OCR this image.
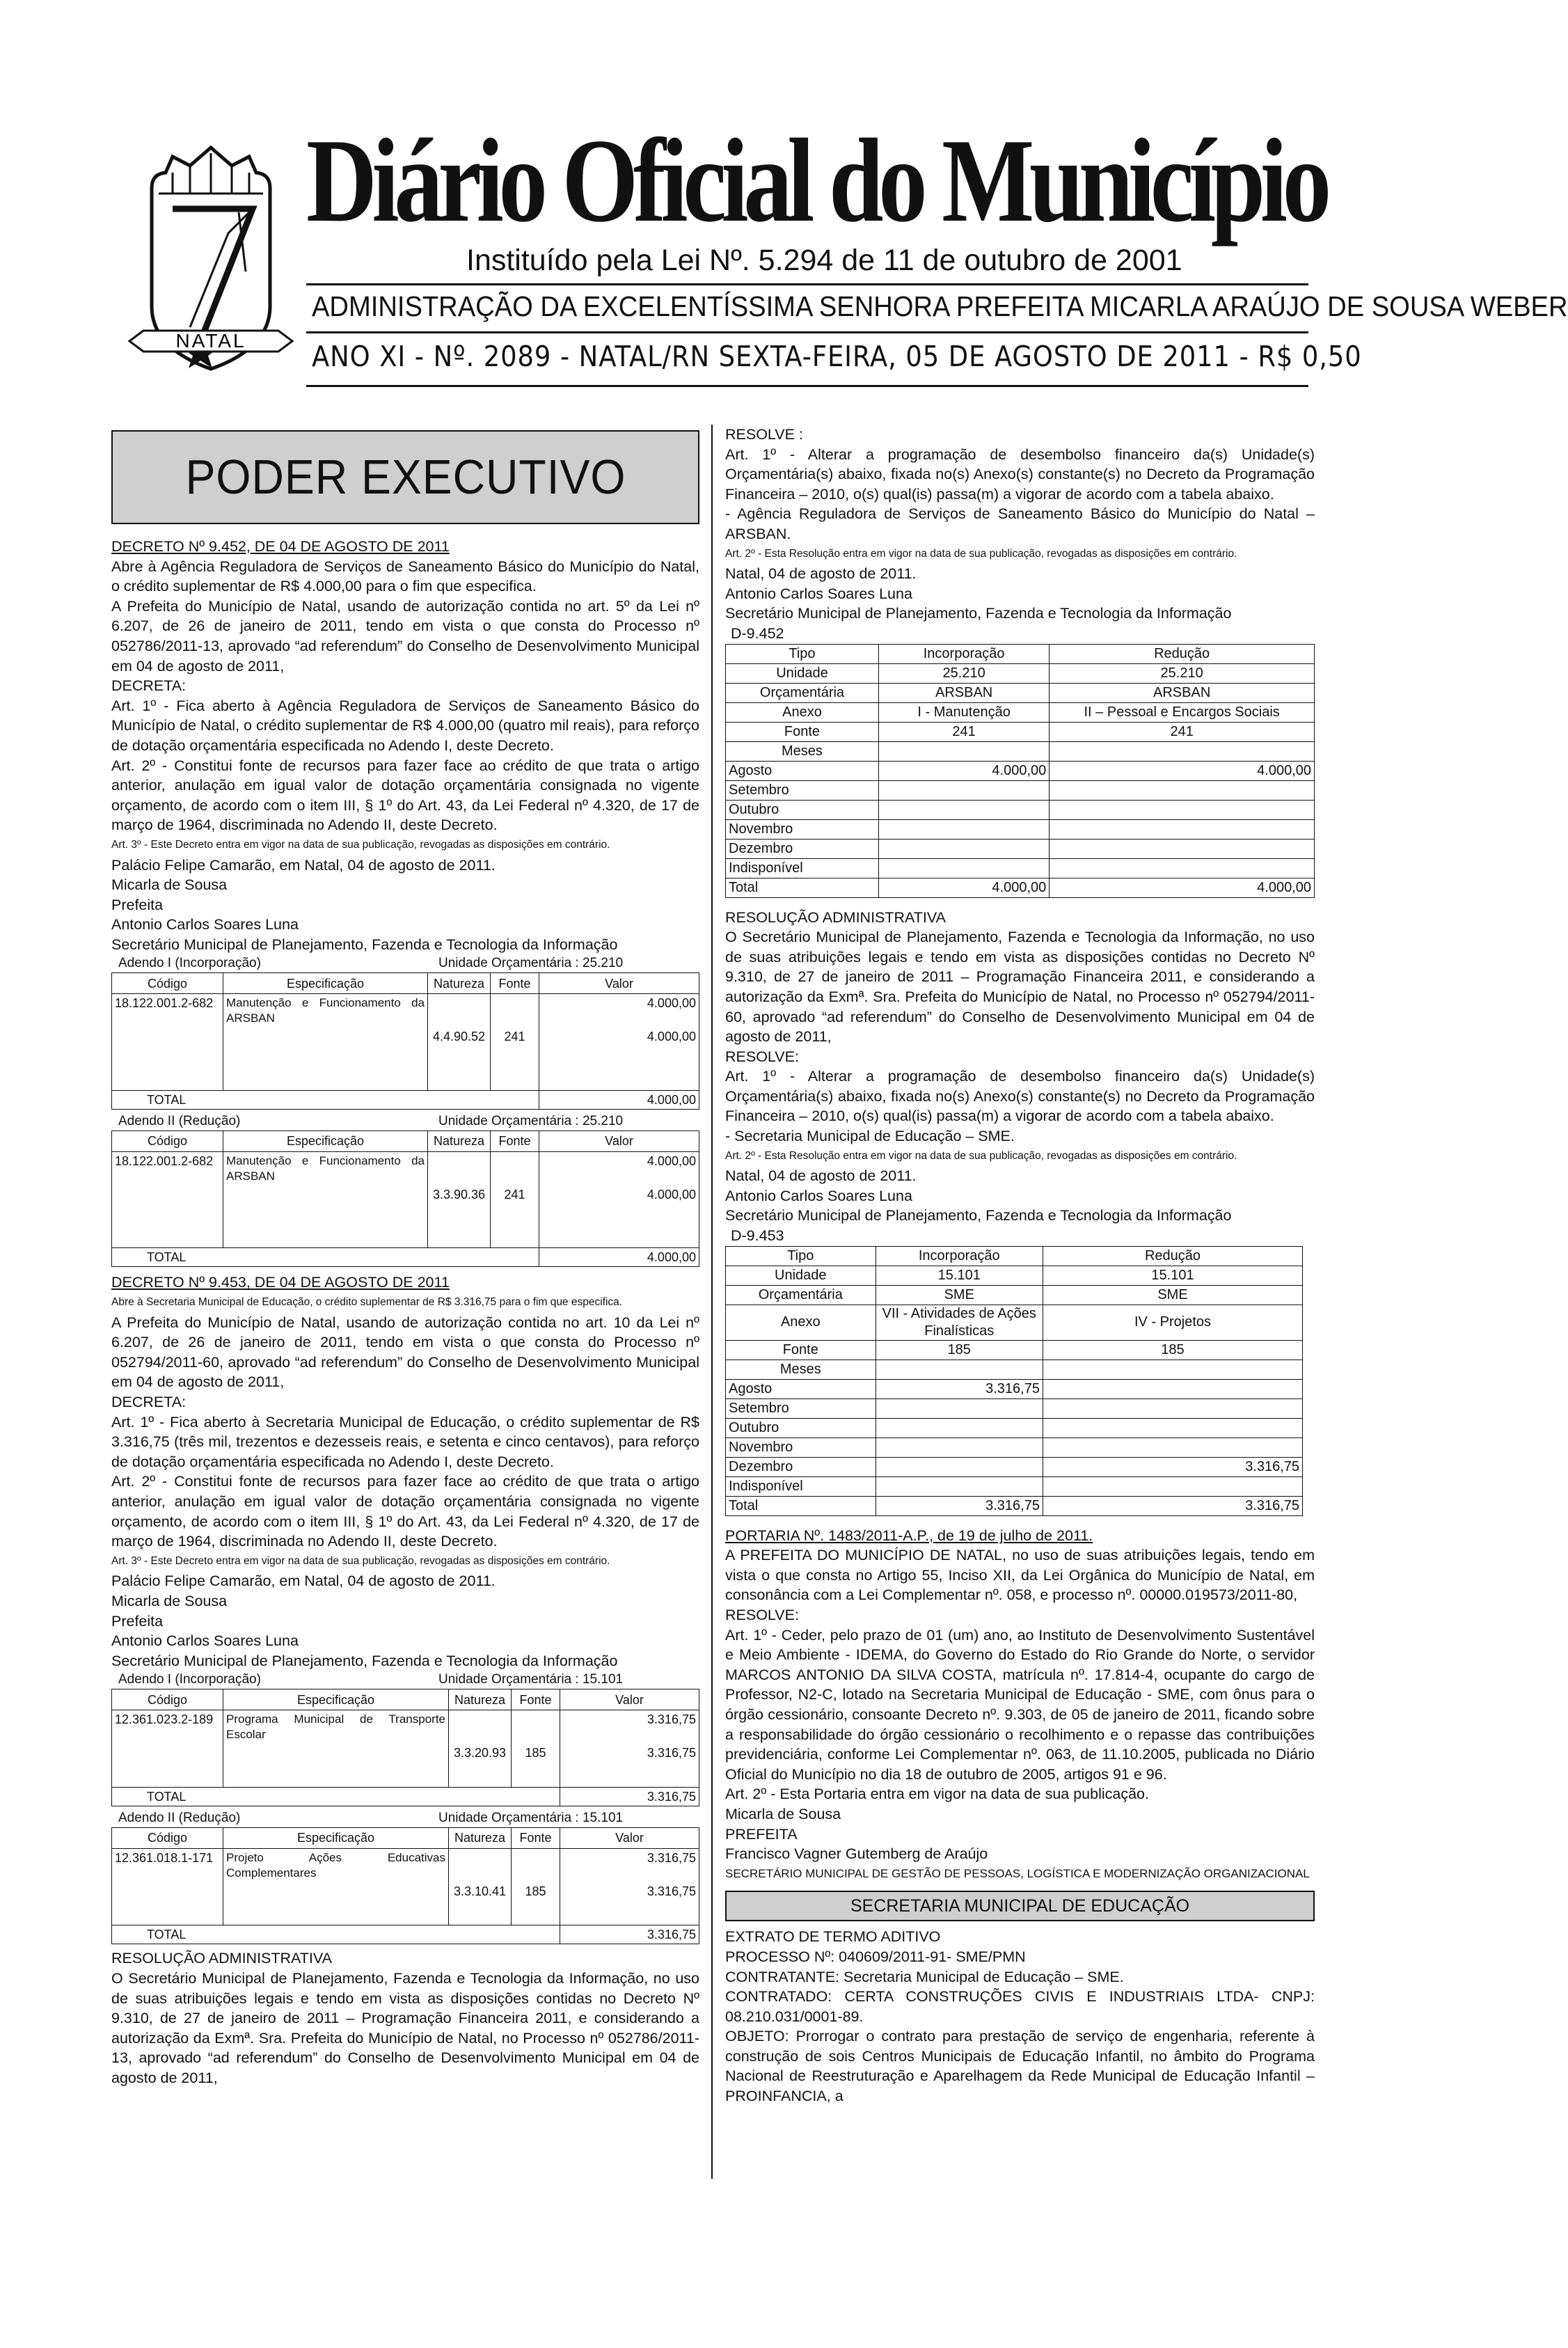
NATAL
Diário Oficial do Município
Instituído pela Lei Nº. 5.294 de 11 de outubro de 2001
ADMINISTRAÇÃO DA EXCELENTÍSSIMA SENHORA PREFEITA MICARLA ARAÚJO DE SOUSA WEBER
ANO XI - Nº. 2089 - NATAL/RN SEXTA-FEIRA, 05 DE AGOSTO DE 2011 - R$ 0,50
PODER EXECUTIVO

DECRETO Nº 9.452, DE 04 DE AGOSTO DE 2011

Abre à Agência Reguladora de Serviços de Saneamento Básico do Município do Natal, o crédito suplementar de R$ 4.000,00 para o fim que especifica.

A Prefeita do Município de Natal, usando de autorização contida no art. 5º da Lei nº 6.207, de 26 de janeiro de 2011, tendo em vista o que consta do Processo nº 052786/2011-13, aprovado “ad referendum” do Conselho de Desenvolvimento Municipal em 04 de agosto de 2011,

DECRETA:

Art. 1º - Fica aberto à Agência Reguladora de Serviços de Saneamento Básico do Município de Natal, o crédito suplementar de R$ 4.000,00 (quatro mil reais), para reforço de dotação orçamentária especificada no Adendo I, deste Decreto.

Art. 2º - Constitui fonte de recursos para fazer face ao crédito de que trata o artigo anterior, anulação em igual valor de dotação orçamentária consignada no vigente orçamento, de acordo com o item III, § 1º do Art. 43, da Lei Federal nº 4.320, de 17 de março de 1964, discriminada no Adendo II, deste Decreto.

Art. 3º - Este Decreto entra em vigor na data de sua publicação, revogadas as disposições em contrário.

Palácio Felipe Camarão, em Natal, 04 de agosto de 2011.

Micarla de Sousa

Prefeita

Antonio Carlos Soares Luna

Secretário Municipal de Planejamento, Fazenda e Tecnologia da Informação

Adendo I (Incorporação)	Unidade Orçamentária : 25.210
Código	Especificação	Natureza	Fonte	Valor
18.122.001.2-682	Manutenção e Funcionamento da ARSBAN			4.000,00
		4.4.90.52	241	4.000,00
TOTAL				4.000,00
Adendo II (Redução)	Unidade Orçamentária : 25.210
Código	Especificação	Natureza	Fonte	Valor
18.122.001.2-682	Manutenção e Funcionamento da ARSBAN			4.000,00
		3.3.90.36	241	4.000,00
TOTAL				4.000,00

DECRETO Nº 9.453, DE 04 DE AGOSTO DE 2011

Abre à Secretaria Municipal de Educação, o crédito suplementar de R$ 3.316,75 para o fim que especifica.

A Prefeita do Município de Natal, usando de autorização contida no art. 10 da Lei nº 6.207, de 26 de janeiro de 2011, tendo em vista o que consta do Processo nº 052794/2011-60, aprovado “ad referendum” do Conselho de Desenvolvimento Municipal em 04 de agosto de 2011,

DECRETA:

Art. 1º - Fica aberto à Secretaria Municipal de Educação, o crédito suplementar de R$ 3.316,75 (três mil, trezentos e dezesseis reais, e setenta e cinco centavos), para reforço de dotação orçamentária especificada no Adendo I, deste Decreto.

Art. 2º - Constitui fonte de recursos para fazer face ao crédito de que trata o artigo anterior, anulação em igual valor de dotação orçamentária consignada no vigente orçamento, de acordo com o item III, § 1º do Art. 43, da Lei Federal nº 4.320, de 17 de março de 1964, discriminada no Adendo II, deste Decreto.

Art. 3º - Este Decreto entra em vigor na data de sua publicação, revogadas as disposições em contrário.

Palácio Felipe Camarão, em Natal, 04 de agosto de 2011.

Micarla de Sousa

Prefeita

Antonio Carlos Soares Luna

Secretário Municipal de Planejamento, Fazenda e Tecnologia da Informação

Adendo I (Incorporação)	Unidade Orçamentária : 15.101
Código	Especificação	Natureza	Fonte	Valor
12.361.023.2-189	Programa Municipal de Transporte Escolar			3.316,75
		3.3.20.93	185	3.316,75
TOTAL				3.316,75
Adendo II (Redução)	Unidade Orçamentária : 15.101
Código	Especificação	Natureza	Fonte	Valor
12.361.018.1-171	Projeto Ações Educativas Complementares			3.316,75
		3.3.10.41	185	3.316,75
TOTAL				3.316,75

RESOLUÇÃO ADMINISTRATIVA

O Secretário Municipal de Planejamento, Fazenda e Tecnologia da Informação, no uso de suas atribuições legais e tendo em vista as disposições contidas no Decreto Nº 9.310, de 27 de janeiro de 2011 – Programação Financeira 2011, e considerando a autorização da Exmª. Sra. Prefeita do Município de Natal, no Processo nº 052786/2011-13, aprovado “ad referendum” do Conselho de Desenvolvimento Municipal em 04 de agosto de 2011,

RESOLVE :

Art. 1º - Alterar a programação de desembolso financeiro da(s) Unidade(s) Orçamentária(s) abaixo, fixada no(s) Anexo(s) constante(s) no Decreto da Programação Financeira – 2010, o(s) qual(is) passa(m) a vigorar de acordo com a tabela abaixo.

- Agência Reguladora de Serviços de Saneamento Básico do Município do Natal – ARSBAN.

Art. 2º - Esta Resolução entra em vigor na data de sua publicação, revogadas as disposições em contrário.

Natal, 04 de agosto de 2011.

Antonio Carlos Soares Luna

Secretário Municipal de Planejamento, Fazenda e Tecnologia da Informação

D-9.452

Tipo	Incorporação	Redução
Unidade	25.210	25.210
Orçamentária	ARSBAN	ARSBAN
Anexo	I - Manutenção	II – Pessoal e Encargos Sociais
Fonte	241	241
Meses		
Agosto	4.000,00	4.000,00
Setembro		
Outubro		
Novembro		
Dezembro		
Indisponível		
Total	4.000,00	4.000,00

RESOLUÇÃO ADMINISTRATIVA

O Secretário Municipal de Planejamento, Fazenda e Tecnologia da Informação, no uso de suas atribuições legais e tendo em vista as disposições contidas no Decreto Nº 9.310, de 27 de janeiro de 2011 – Programação Financeira 2011, e considerando a autorização da Exmª. Sra. Prefeita do Município de Natal, no Processo nº 052794/2011-60, aprovado “ad referendum” do Conselho de Desenvolvimento Municipal em 04 de agosto de 2011,

RESOLVE:

Art. 1º - Alterar a programação de desembolso financeiro da(s) Unidade(s) Orçamentária(s) abaixo, fixada no(s) Anexo(s) constante(s) no Decreto da Programação Financeira – 2010, o(s) qual(is) passa(m) a vigorar de acordo com a tabela abaixo.

- Secretaria Municipal de Educação – SME.

Art. 2º - Esta Resolução entra em vigor na data de sua publicação, revogadas as disposições em contrário.

Natal, 04 de agosto de 2011.

Antonio Carlos Soares Luna

Secretário Municipal de Planejamento, Fazenda e Tecnologia da Informação

D-9.453

Tipo	Incorporação	Redução
Unidade	15.101	15.101
Orçamentária	SME	SME
Anexo	VII - Atividades de Ações Finalísticas	IV - Projetos
Fonte	185	185
Meses		
Agosto	3.316,75	
Setembro		
Outubro		
Novembro		
Dezembro		3.316,75
Indisponível		
Total	3.316,75	3.316,75

PORTARIA Nº. 1483/2011-A.P., de 19 de julho de 2011.

A PREFEITA DO MUNICÍPIO DE NATAL, no uso de suas atribuições legais, tendo em vista o que consta no Artigo 55, Inciso XII, da Lei Orgânica do Município de Natal, em consonância com a Lei Complementar nº. 058, e processo nº. 00000.019573/2011-80,

RESOLVE:

Art. 1º - Ceder, pelo prazo de 01 (um) ano, ao Instituto de Desenvolvimento Sustentável e Meio Ambiente - IDEMA, do Governo do Estado do Rio Grande do Norte, o servidor MARCOS ANTONIO DA SILVA COSTA, matrícula nº. 17.814-4, ocupante do cargo de Professor, N2-C, lotado na Secretaria Municipal de Educação - SME, com ônus para o órgão cessionário, consoante Decreto nº. 9.303, de 05 de janeiro de 2011, ficando sobre a responsabilidade do órgão cessionário o recolhimento e o repasse das contribuições previdenciária, conforme Lei Complementar nº. 063, de 11.10.2005, publicada no Diário Oficial do Município no dia 18 de outubro de 2005, artigos 91 e 96.

Art. 2º - Esta Portaria entra em vigor na data de sua publicação.

Micarla de Sousa

PREFEITA

Francisco Vagner Gutemberg de Araújo

SECRETÁRIO MUNICIPAL DE GESTÃO DE PESSOAS, LOGÍSTICA E MODERNIZAÇÃO ORGANIZACIONAL

SECRETARIA MUNICIPAL DE EDUCAÇÃO

EXTRATO DE TERMO ADITIVO

PROCESSO Nº: 040609/2011-91- SME/PMN

CONTRATANTE: Secretaria Municipal de Educação – SME.

CONTRATADO: CERTA CONSTRUÇÕES CIVIS E INDUSTRIAIS LTDA- CNPJ: 08.210.031/0001-89.

OBJETO: Prorrogar o contrato para prestação de serviço de engenharia, referente à construção de sois Centros Municipais de Educação Infantil, no âmbito do Programa Nacional de Reestruturação e Aparelhagem da Rede Municipal de Educação Infantil – PROINFANCIA, a
